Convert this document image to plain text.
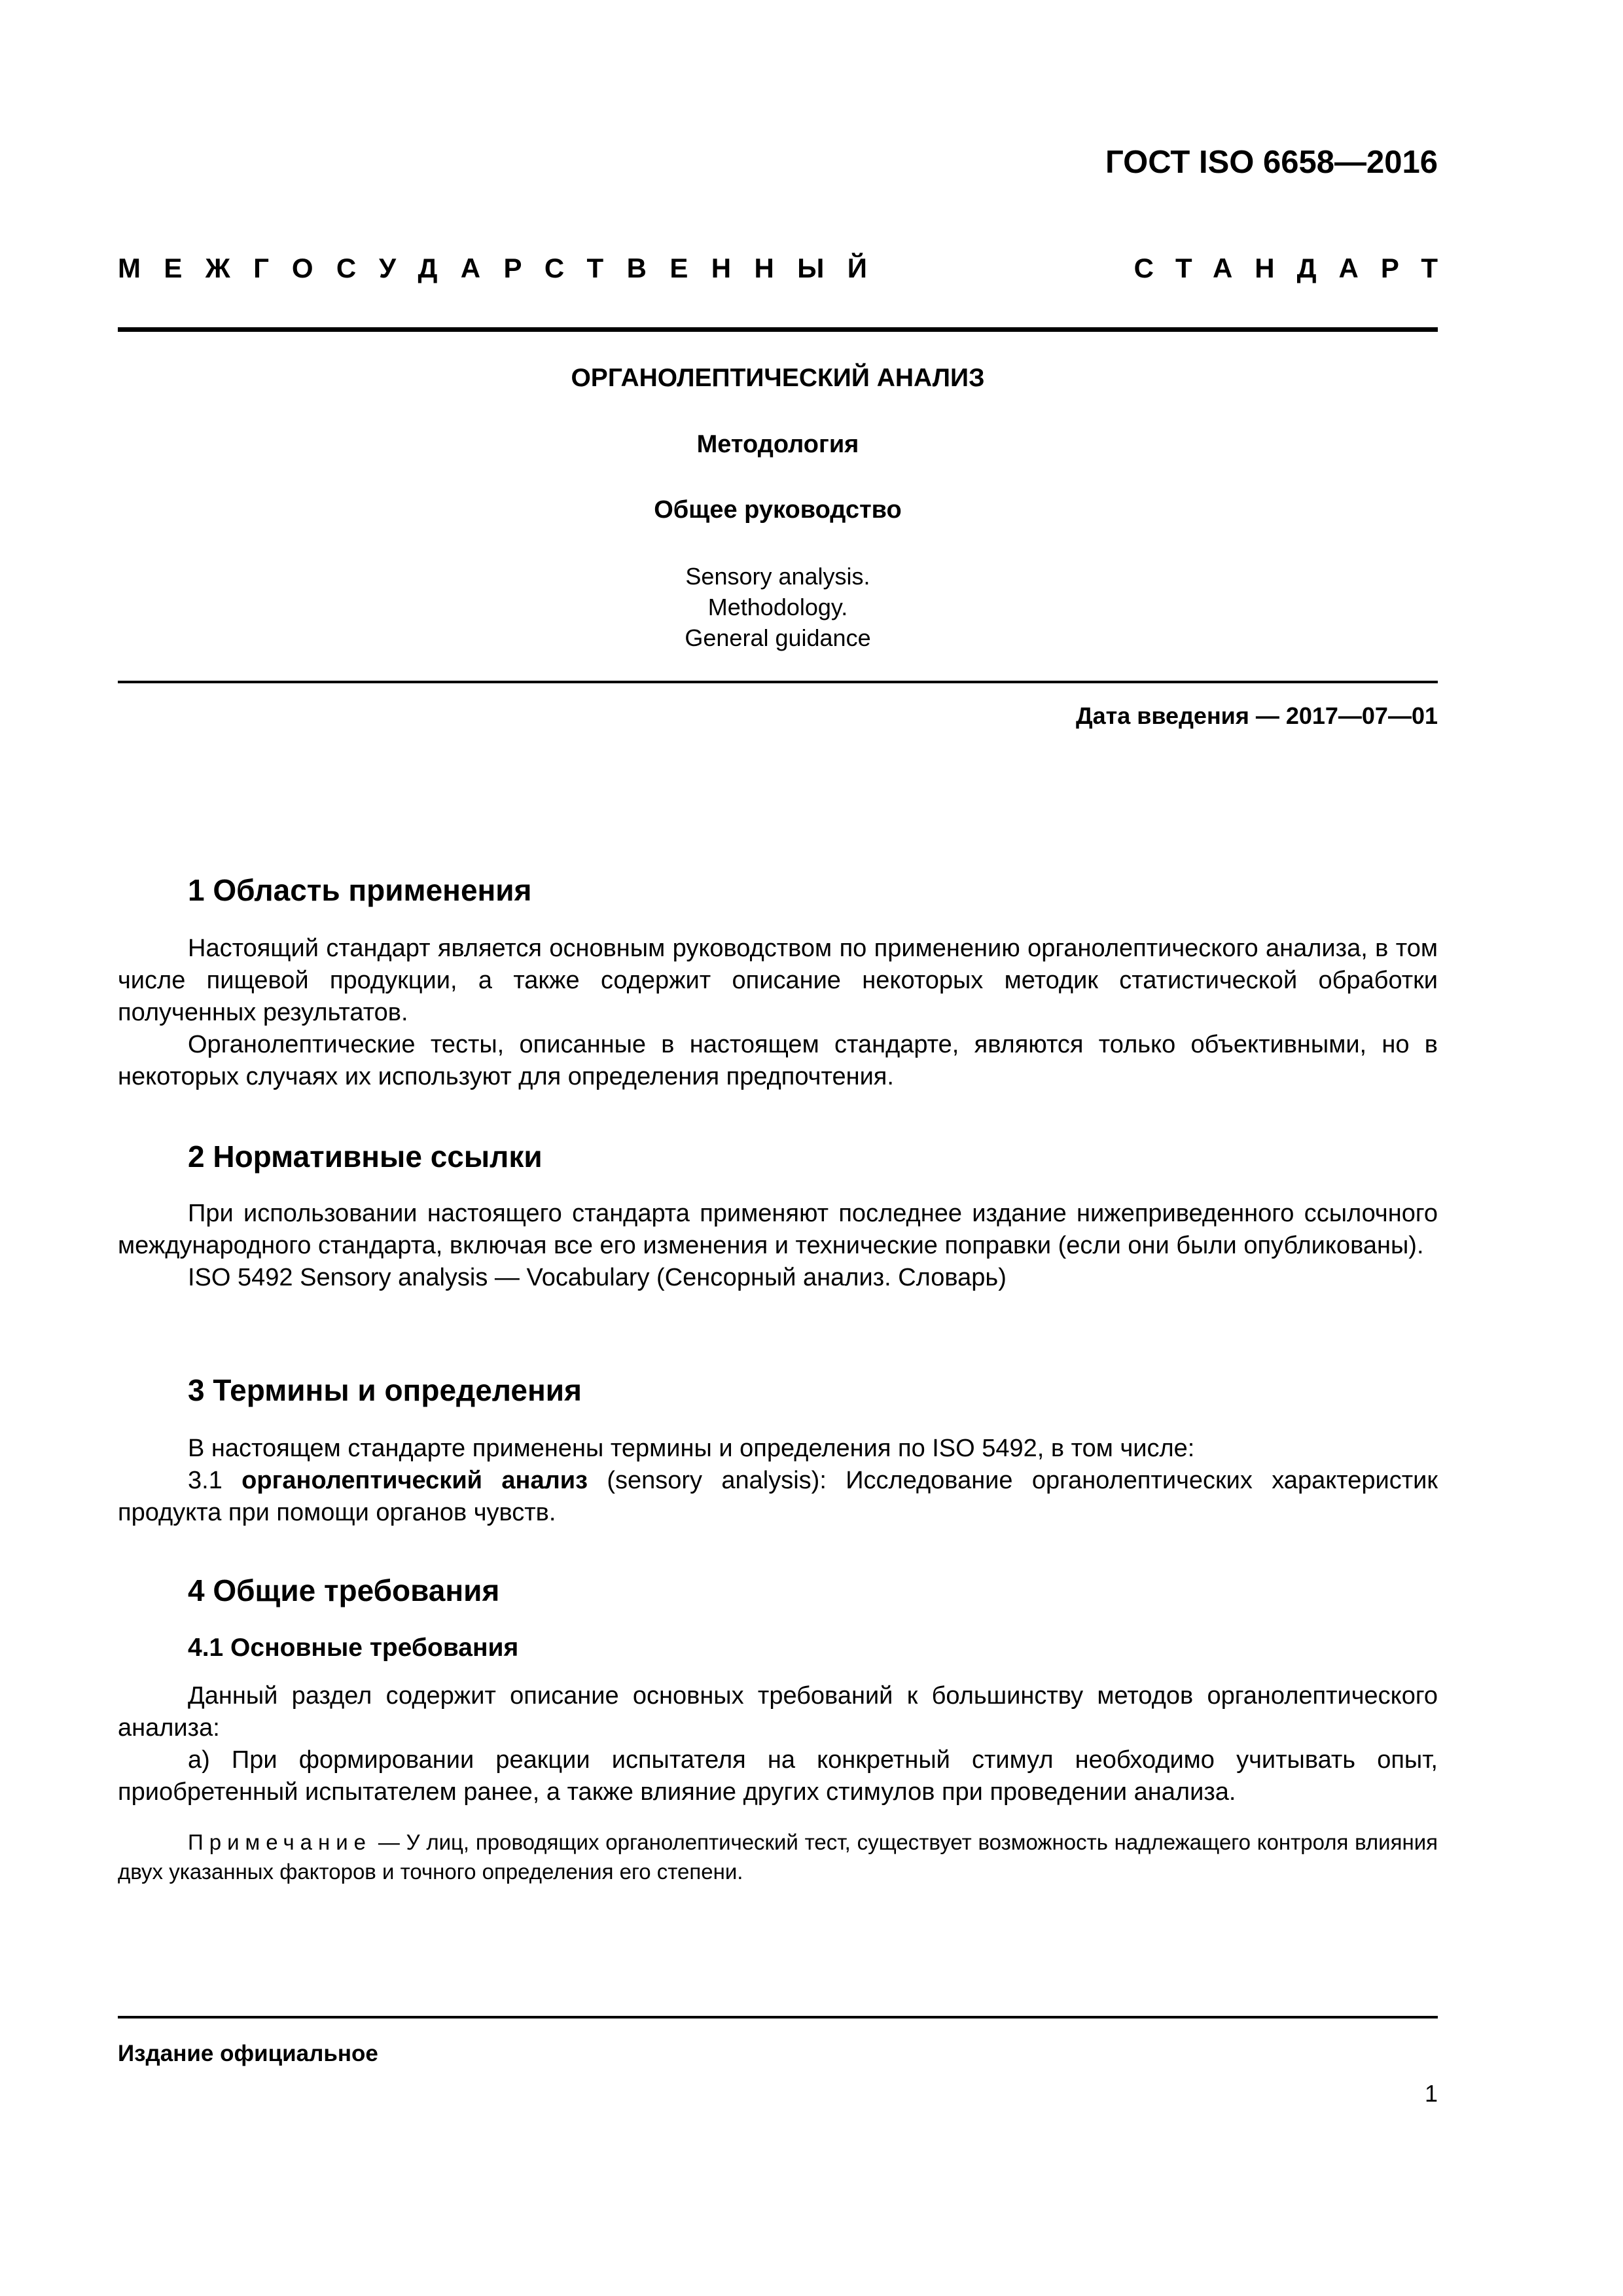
ГОСТ ISO 6658—2016
МЕЖГОСУДАРСТВЕННЫЙ	СТАНДАРТ
ОРГАНОЛЕПТИЧЕСКИЙ АНАЛИЗ
Методология
Общее руководство
Sensory analysis.
Methodology.
General guidance
Дата введения — 2017—07—01
1 Область применения

Настоящий стандарт является основным руководством по применению органолептического анализа, в том числе пищевой продукции, а также содержит описание некоторых методик статистической обработки полученных результатов.

Органолептические тесты, описанные в настоящем стандарте, являются только объективными, но в некоторых случаях их используют для определения предпочтения.

2 Нормативные ссылки

При использовании настоящего стандарта применяют последнее издание нижеприведенного ссылочного международного стандарта, включая все его изменения и технические поправки (если они были опубликованы).

ISO 5492 Sensory analysis — Vocabulary (Сенсорный анализ. Словарь)

3 Термины и определения

В настоящем стандарте применены термины и определения по ISO 5492, в том числе:

3.1 органолептический анализ (sensory analysis): Исследование органолептических характеристик продукта при помощи органов чувств.

4 Общие требования
4.1 Основные требования

Данный раздел содержит описание основных требований к большинству методов органолептического анализа:

а) При формировании реакции испытателя на конкретный стимул необходимо учитывать опыт, приобретенный испытателем ранее, а также влияние других стимулов при проведении анализа.

Примечание — У лиц, проводящих органолептический тест, существует возможность надлежащего контроля влияния двух указанных факторов и точного определения его степени.

Издание официальное
1
